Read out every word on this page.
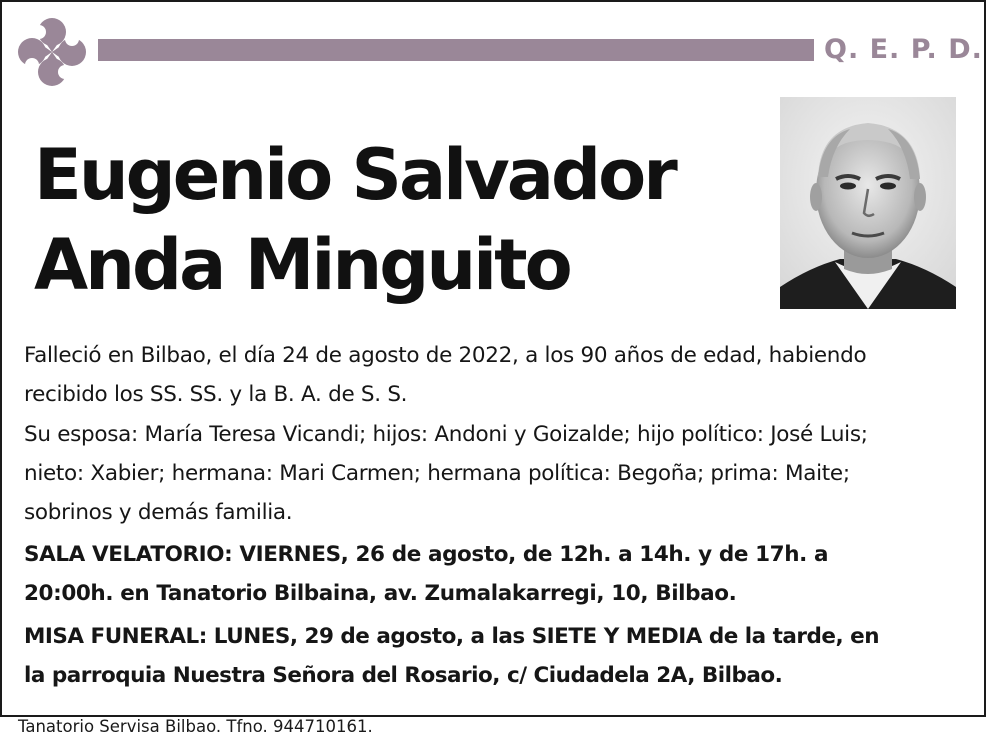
Q. E. P. D.
Eugenio Salvador
Anda Minguito
Falleció en Bilbao, el día 24 de agosto de 2022, a los 90 años de edad, habiendo
recibido los SS. SS. y la B. A. de S. S.
Su esposa: María Teresa Vicandi; hijos: Andoni y Goizalde; hijo político: José Luis;
nieto: Xabier; hermana: Mari Carmen; hermana política: Begoña; prima: Maite;
sobrinos y demás familia.
SALA VELATORIO: VIERNES, 26 de agosto, de 12h. a 14h. y de 17h. a
20:00h. en Tanatorio Bilbaina, av. Zumalakarregi, 10, Bilbao.
MISA FUNERAL: LUNES, 29 de agosto, a las SIETE Y MEDIA de la tarde, en
la parroquia Nuestra Señora del Rosario, c/ Ciudadela 2A, Bilbao.
Tanatorio Servisa Bilbao. Tfno. 944710161.
